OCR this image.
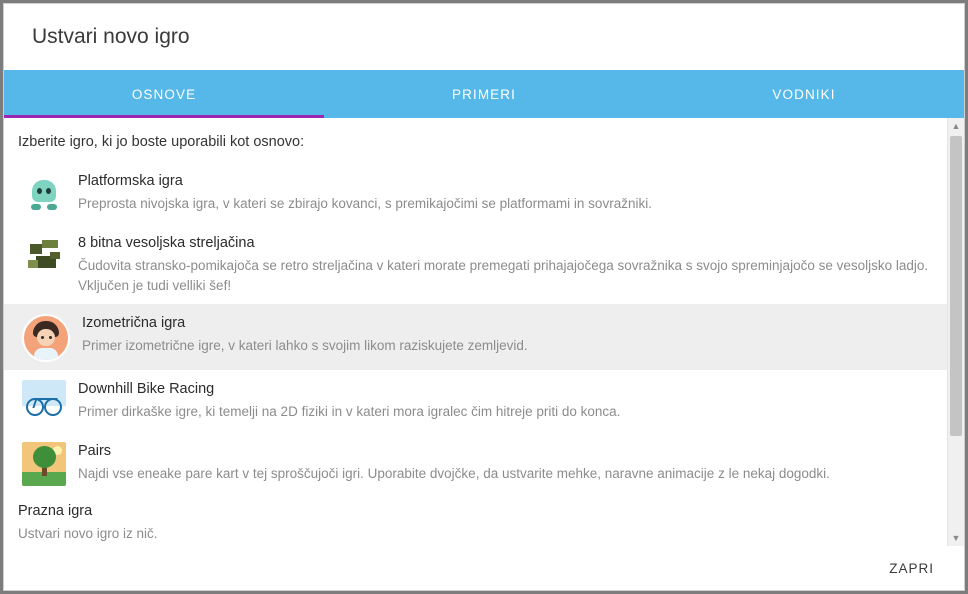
Ustvari novo igro
OSNOVE	PRIMERI	VODNIKI
Izberite igro, ki jo boste uporabili kot osnovo:
Platformska igra
Preprosta nivojska igra, v kateri se zbirajo kovanci, s premikajočimi se platformami in sovražniki.
8 bitna vesoljska streljačina
Čudovita stransko-pomikajoča se retro streljačina v kateri morate premegati prihajajočega sovražnika s svojo spreminjajočo se vesoljsko ladjo. Vključen je tudi velliki šef!
Izometrična igra
Primer izometrične igre, v kateri lahko s svojim likom raziskujete zemljevid.
Downhill Bike Racing
Primer dirkaške igre, ki temelji na 2D fiziki in v kateri mora igralec čim hitreje priti do konca.
Pairs
Najdi vse eneake pare kart v tej sproščujoči igri. Uporabite dvojčke, da ustvarite mehke, naravne animacije z le nekaj dogodki.
Prazna igra
Ustvari novo igro iz nič.
▲
▼
ZAPRI
